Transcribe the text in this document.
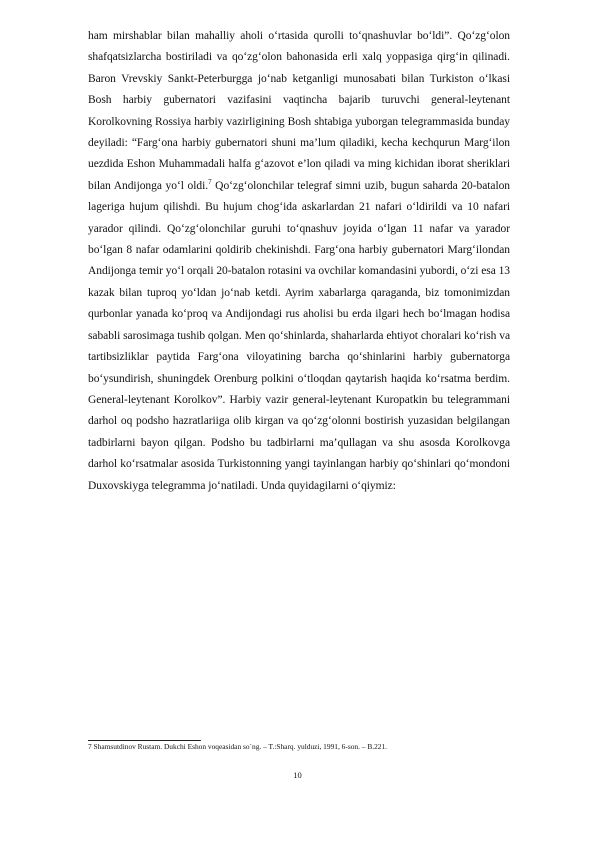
ham mirshablar bilan mahalliy aholi o‘rtasida qurolli to‘qnashuvlar bo‘ldi”. Qo‘zg‘olon shafqatsizlarcha bostiriladi va qo‘zg‘olon bahonasida erli xalq yoppasiga qirg‘in qilinadi. Baron Vrevskiy Sankt-Peterburgga jo‘nab ketganligi munosabati bilan Turkiston o‘lkasi Bosh harbiy gubernatori vazifasini vaqtincha bajarib turuvchi general-leytenant Korolkovning Rossiya harbiy vazirligining Bosh shtabiga yuborgan telegrammasida bunday deyiladi: “Farg‘ona harbiy gubernatori shuni ma’lum qiladiki, kecha kechqurun Marg‘ilon uezdida Eshon Muhammadali halfa g‘azovot e’lon qiladi va ming kichidan iborat sheriklari bilan Andijonga yo‘l oldi.$^7$ Qo‘zg‘olonchilar telegraf simni uzib, bugun saharda 20-batalon lageriga hujum qilishdi. Bu hujum chog‘ida askarlardan 21 nafari o‘ldirildi va 10 nafari yarador qilindi. Qo‘zg‘olonchilar guruhi to‘qnashuv joyida o‘lgan 11 nafar va yarador bo‘lgan 8 nafar odamlarini qoldirib chekinishdi. Farg‘ona harbiy gubernatori Marg‘ilondan Andijonga temir yo‘l orqali 20-batalon rotasini va ovchilar komandasini yubordi, o‘zi esa 13 kazak bilan tuproq yo‘ldan jo‘nab ketdi. Ayrim xabarlarga qaraganda, biz tomonimizdan qurbonlar yanada ko‘proq va Andijondagi rus aholisi bu erda ilgari hech bo‘lmagan hodisa sababli sarosimaga tushib qolgan. Men qo‘shinlarda, shaharlarda ehtiyot choralari ko‘rish va tartibsizliklar paytida Farg‘ona viloyatining barcha qo‘shinlarini harbiy gubernatorga bo‘ysundirish, shuningdek Orenburg polkini o‘tloqdan qaytarish haqida ko‘rsatma berdim. General-leytenant Korolkov”. Harbiy vazir general-leytenant Kuropatkin bu telegrammani darhol oq podsho hazratlariiga olib kirgan va qo‘zg‘olonni bostirish yuzasidan belgilangan tadbirlarni bayon qilgan. Podsho bu tadbirlarni ma’qullagan va shu asosda Korolkovga darhol ko‘rsatmalar asosida Turkistonning yangi tayinlangan harbiy qo‘shinlari qo‘mondoni Duxovskiyga telegramma jo‘natiladi. Unda quyidagilarni o‘qiymiz:

7 Shamsutdinov Rustam. Dukchi Eshon voqeasidan so`ng. – T.:Sharq. yulduzi, 1991, 6-son. – B.221.
10
